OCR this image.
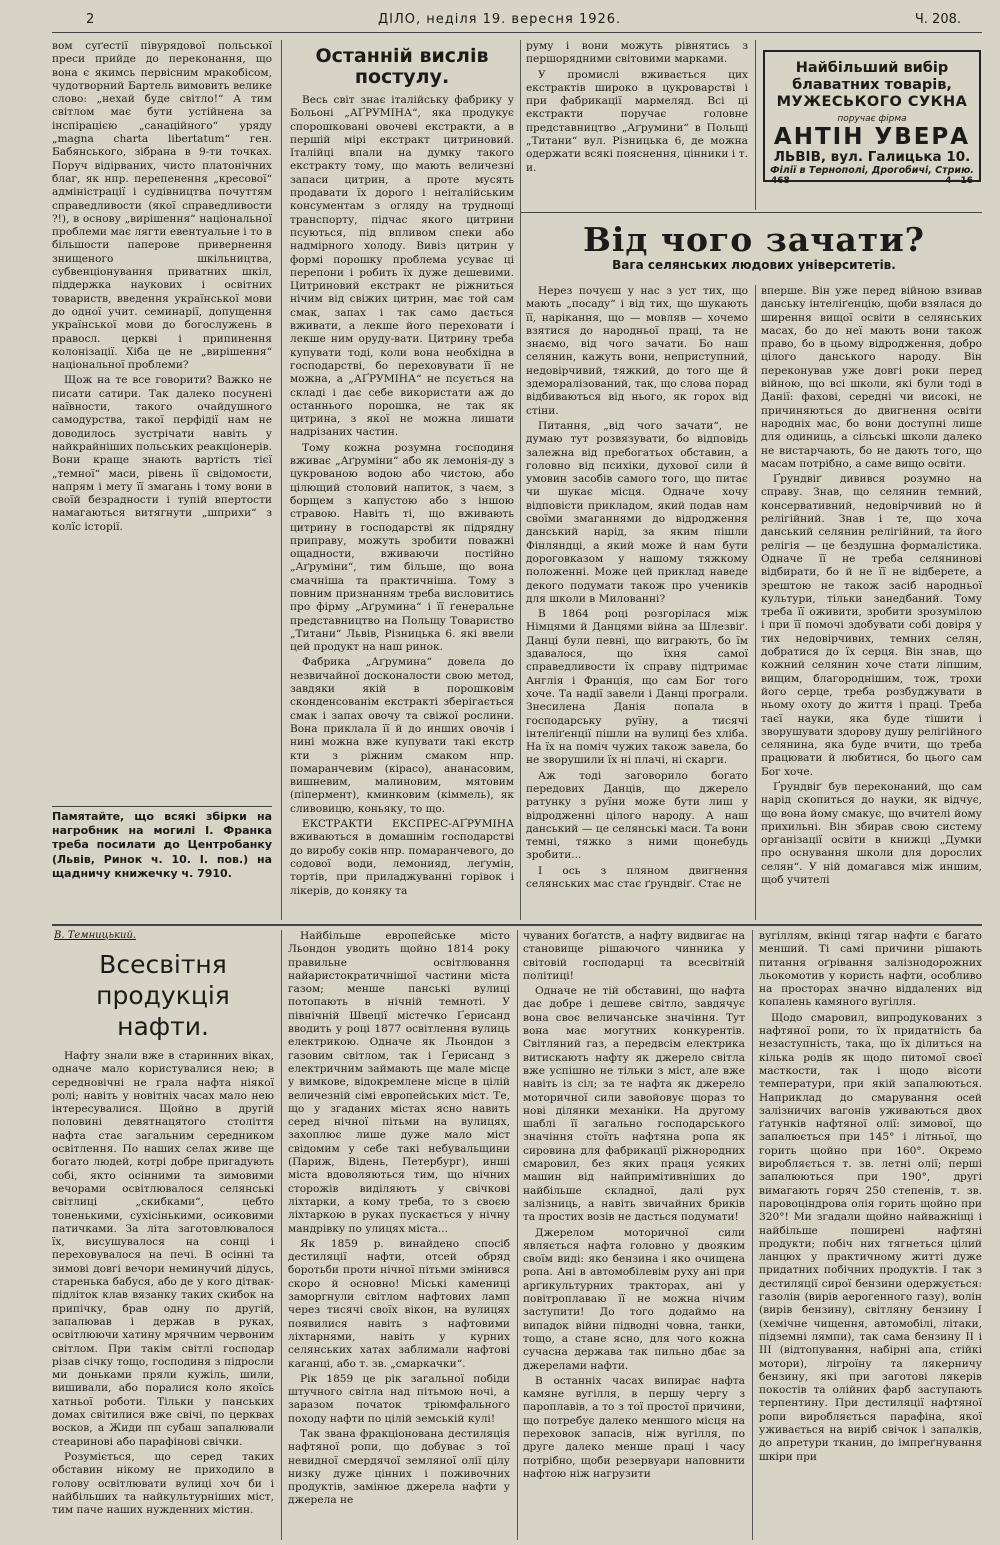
2	ДІЛО, неділя 19. вересня 1926.	Ч. 208.

вом суґестії півурядової польської преси прийде до переконання, що вона є якимсь первісним мракобісом, чудотворний Бартель вимовить велике слово: „нехай буде світло!“ А тим світлом має бути устійнена за інспірацією „санаційного“ уряду „magna charta libertatum“ ген. Бабянського, зібрана в 9-ти точках. Поруч відірваних, чисто платонічних благ, як нпр. перепенення „кресової“ адміністрації і судівництва почуттям справедливости (якої справедливости ?!), в основу „вирішення“ національної проблеми має лягти евентуальне і то в більшости паперове привернення знищеного шкільництва, субвенціонування приватних шкіл, піддержка наукових і освітних товариств, введення української мови до одної учит. семинарії, допущення української мови до богослужень в правосл. церкві і припинення колонізації. Хіба це не „вирішення“ національної проблеми?

Щож на те все говорити? Важко не писати сатири. Так далеко посунені наївности, такого очайдушного самодурства, такої перфідії нам не доводилось зустрічати навіть у найкрайніших польських реакціонерів. Вони краще знають вартість тієї „темної“ маси, рівень її свідомости, напрям і мету її змагань і тому вони в своїй безрадности і тупій впертости намагаються витягнути „шприхи“ з колїс історії.

Памятайте, що всякі збірки на нагробник на могилі І. Франка треба посилати до Центробанку (Львів, Ринок ч. 10. І. пов.) на щадничу книжечку ч. 7910.
Останній вислів постулу.

Весь світ знає італійську фабрику у Больоні „АҐРУМІНА“, яка продукує спорошковані овочеві екстракти, а в першій мірі екстракт цитриновий. Італійці впали на думку такого екстракту тому, що мають величезні запаси цитрин, а проте мусять продавати їх дорого і неіталійським консументам з огляду на труднощі транспорту, підчас якого цитрини псуються, під впливом спеки або надмірного холоду. Вивіз цитрин у формі порошку проблема усуває ці перепони і робить їх дуже дешевими. Цитриновий екстракт не ріжниться нічим від свіжих цитрин, має той сам смак, запах і так само дається вживати, а лекше його переховати і лекше ним оруду-вати. Цитрину треба купувати тоді, коли вона необхідна в господарстві, бо переховувати її не можна, а „АҐРУМІНА“ не псується на складі і дає себе використати аж до останнього порошка, не так як цитрина, з якої не можна лишати надрізаних частин.

Тому кожна розумна господиня вживає „Аґруміни“ або як лемонія-ду з цукрованою водою або чистою, або цілющий столовий напиток, з чаєм, з борщем з капустою або з іншою стравою. Навіть ті, що вживають цитрину в господарстві як підрядну приправу, можуть зробити поважні ощадности, вживаючи постійно „Аґруміни“, тим більше, що вона смачніша та практичніша. Тому з повним признанням треба висловитись про фірму „Аґрумина“ і її ґенеральне представництво на Польщу Товариство „Титани“ Львів, Різницька 6. які ввели цей продукт на наш ринок.

Фабрика „Аґрумина“ довела до незвичайної досконалости свою метод, завдяки якій в порошковім сконденсованім екстракті зберігається смак і запах овочу та свіжої рослини. Вона приклала її й до инших овочів і нині можна вже купувати такі екстр кти з ріжним смаком нпр. помаранчевим (кірасо), ананасовим, вишневим, малиновим, мятовим (піпермент), кминковим (кіммель), як сливовицю, коньяку, то що.

ЕКСТРАКТИ ЕКСПРЕС-АҐРУМІНА вживаються в домашнім господарстві до виробу соків нпр. помаранчевого, до содової води, лемонияд, леґумін, тортів, при приладжуванні горівок і лікерів, до коняку та

руму і вони можуть рівнятись з першорядними світовими марками.

У промислі вживається цих екстрактів широко в цукроварстві і при фабрикації мармеляд. Всі ці екстракти поручає головне представництво „Аґрумини“ в Польщі „Титани“ вул. Різницька 6, де можна одержати всякі пояснення, цінники і т. и.

Найбільший вибір
блаватних товарів,
МУЖЕСЬКОГО СУКНА
поручає фірма
АНТІН УВЕРА
ЛЬВІВ, вул. Галицька 10.
Філії в Тернополі, Дрогобичі, Стрию.
468	4—16
Від чого зачати?
Вага селянських людових університетів.

Нерез почуєш у нас з уст тих, що мають „посаду“ і від тих, що шукають її, нарікання, що — мовляв — хочемо взятися до народньої праці, та не знаємо, від чого зачати. Бо наш селянин, кажуть вони, неприступний, недовірчивий, тяжкий, до того ще й здеморалізований, так, що слова порад відбиваються від нього, як горох від стіни.

Питання, „від чого зачати“, не думаю тут розвязувати, бо відповідь залежна від пребогатьох обставин, а головно від психіки, духової сили й умовин засобів самого того, що питає чи шукає місця. Одначе хочу відповісти прикладом, який подав нам своїми змаганнями до відродження данський нарід, за яким пішли Фінляндці, а який може й нам бути дороговказом у нашому тяжкому положенні. Може цей приклад наведе декого подумати також про учеників для школи в Милованні?

В 1864 році розгорілася між Німцями й Данцями війна за Шлезвіґ. Данці були певні, що виграють, бо їм здавалося, що їхня самої справедливости їх справу підтримає Англія і Франція, що сам Бог того хоче. Та надії завели і Данці програли. Знесилена Данія попала в господарську руїну, а тисячі інтеліґенції пішли на вулиці без хліба. На їх на поміч чужих також завела, бо не зворушили їх ні плачі, ні скарги.

Аж тоді заговорило богато передових Данців, що джерело ратунку з руїни може бути лиш у відродженні цілого народу. А наш данський — це селянські маси. Та вони темні, тяжко з ними щонебудь зробити...

І ось з пляном двигнення селянських мас стає ґрундвіґ. Стає не

вперше. Він уже перед війною взивав данську інтеліґенцію, щоби взялася до ширення вищої освіти в селянських масах, бо до неї мають вони також право, бо в цьому відродження, добро цілого данського народу. Він переконував уже довгі роки перед війною, що всі школи, які були тоді в Данії: фахові, середні чи високі, не причиняються до двигнення освіти народніх мас, бо вони доступні лише для одиниць, а сільські школи далеко не вистарчають, бо не дають того, що масам потрібно, а саме вищо освіти.

Ґрундвіґ дивився розумно на справу. Знав, що селянин темний, консервативний, недовірчивий но й релігійний. Знав і те, що хоча данський селянин релігійний, та його релігія — це бездушна формалістика. Одначе її не треба селянинові відбирати, бо й не її не відберете, а зрештою не також засіб народньої культури, тільки занедбаний. Тому треба її оживити, зробити зрозумілою і при її помочі здобувати собі довіря у тих недовірчивих, темних селян, добратися до їх серця. Він знав, що кожний селянин хоче стати ліпшим, вищим, благороднішим, тож, трохи його серце, треба розбуджувати в ньому охоту до життя і праці. Треба таєї науки, яка буде тішити і зворушувати здорову душу релігійного селянина, яка буде вчити, що треба працювати й любитися, бо цього сам Бог хоче.

Ґрундвіґ був переконаний, що сам нарід скопиться до науки, як відчує, що вона йому смакує, що вчителі йому прихильні. Він збирав свою систему організації освіти в книжці „Думки про оснування школи для дорослих селян“. У ній домагався між иншим, щоб учителі

В. Темницький.
Всесвітня продукція нафти.

Нафту знали вже в старинних віках, одначе мало користувалися нею; в середновічні не грала нафта ніякої ролі; навіть у новітніх часах мало нею інтересувалися. Щойно в другій половині девятнацятого століття нафта стає загальним середником освітлення. По нашиx селах живе ще богато людей, котрі добре пригадують собі, якто осінними та зимовими вечорами освітлювалося селянські світлиці „скибками“, цебто тоненькими, сухісінькими, осиковими патичками. За літа заготовлювалося їх, висушувалося на сонці і переховувалося на печі. В осінні та зимові довгі вечори неминучий дідусь, старенька бабуся, або де у кого дітвак-підліток клав вязанку таких скибок на припічку, брав одну по другій, запалював і держав в руках, освітлюючи хатину мрячним червоним світлом. При такім світлі господар різав січку тощо, господиня з підросли ми доньками пряли кужіль, шили, вишивали, або поралися коло якоїсь хатньої роботи. Тільки у панських домах світилися вже свічі, по церквах восков, а Жиди пп субаш запалювали стеаринові або парафінові свічки.

Розуміється, що серед таких обставин нікому не приходило в голову освітлювати вулиці хоч би і найбільших та найкультурніших міст, тим паче наших нужденних містин.

Найбільше европейське місто Льондон уводить щойно 1814 року правильне освітлювання найаристократичнішої частини міста газом; менше панські вулиці потопають в нічній темноті. У північній Швеції містечко Ґерисанд вводить у році 1877 освітлення вулиць електрикою. Одначе як Льондон з газовим світлом, так і Ґерисанд з електричним займають ще мале місце у вимкове, відокремлене місце в цілій величезній сімі европейських міст. Те, що у згаданих містах ясно навить серед нічної пітьми на вулицях, захоплює лише дуже мало міст свідомим у себе такі небувальщини (Париж, Відень, Петербург), инші міста вдоволяються тим, що нічних сторожів виділяють у свічкові ліхтарки, а кому треба, то з своєю ліхтаркою в руках пускається у нічну мандрівку по улицях міста...

Як 1859 р. винайдено спосіб дестиляції нафти, отсей обряд боротьби проти нічної пітьми змінився скоро й основно! Міські камениці заморгнули світлом нафтових ламп через тисячі своїх вікон, на вулицях появилися навіть з нафтовими ліхтарнями, навіть у курних селянських хатах заблимали нафтові каганці, або т. зв. „смаркачки“.

Рік 1859 це рік загальної побіди штучного світла над пітьмою ночі, а заразом початок тріюмфального походу нафти по цілій земській кулі!

Так звана фракціонована дестиляція нафтяної ропи, що добуває з тої невидної смердячої земляної олії цілу низку дуже цінних і поживочних продуктів, замінюе джерела нафти у джерела не

чуваних боґатств, а нафту видвигає на становище рішаючого чинника у світовій господарці та всесвітній політиці!

Одначе не тій обставині, що нафта дає добре і дешеве світло, завдячує вона своє величанське значіння. Тут вона має могутних конкурентів. Світляний газ, а передвсім електрика витискають нафту як джерело світла вже успішно не тільки з міст, але вже навіть із сіл; за те нафта як джерело моторичної сили завойовує щораз то нові ділянки механіки. На другому шаблі її загально господарського значіння стоїть нафтяна ропа як сировина для фабрикації ріжнородних смаровил, без яких праця усяких машин від найпримітивніших до найбільше складної, далі рух залізниць, а навіть звичайних бриків та простих возів не дасться подумати!

Джерелом моторичної сили являється нафта головно у двояким своїм виді: яко бензина і яко очищена ропа. Ані в автомобілевім руху ані при арґикультурних тракторах, ані у повітроплаваю її не можна нічим заступити! До того додаймо на випадок війни підводні човна, танки, тощо, а стане ясно, для чого кожна сучасна держава так пильно дбає за джерелами нафти.

В останніх часах випирає нафта камяне вугілля, в першу чергу з пароплавів, а то з тої простої причини, що потребує далеко меншого місця на переховок запасів, ніж вугілля, по друге далеко менше праці і часу потрібно, щоби резервуари наповнити нафтою ніж нагрузити

вугіллям, вкінці тягар нафти є багато менший. Ті самі причини рішають питання оґрівання залізнодорожних льокомотив у користь нафти, особливо на просторах значно віддалених від копалень камяного вугілля.

Щодо смаровил, випродукованих з нафтяної ропи, то їх придатність ба незаступність, така, що їх ділиться на кілька родів як щодо питомої своєї масткости, так і щодо вісоти температури, при якій запалюються. Наприклад до смарування осей залізничих вагонів уживаються двох ґатунків нафтяної олії: зимової, що запалюється при 145° і літньої, що горить щойно при 160°. Окремо виробляється т. зв. летні олії; перші запалюються при 190°, другі вимагають горяч 250 степенів, т. зв. паровоціндрова олія горить щойно при 320°! Ми згадали щойно найважніщі і найбільше поширені нафтяні продукти; побіч них тягнеться цілий ланцюх у практичному житті дуже придатних побічних продуктів. І так з дестиляції сирої бензини одержується: газолін (вирів аерогенного газу), волін (вирів бензину), світляну бензину І (хемічне чищення, автомобілі, літаки, підземні лямпи), так сама бензину ІІ і ІІІ (відтопування, набірні апа, стійкі мотори), лігроїну та лякерничу бензину, які при заготові лякерів покостів та олійних фарб заступають терпентину. При дестиляції нафтяної ропи виробляється парафіна, якої уживається на виріб свічок і запалків, до апретури тканин, до імпреґнування шкіри при
